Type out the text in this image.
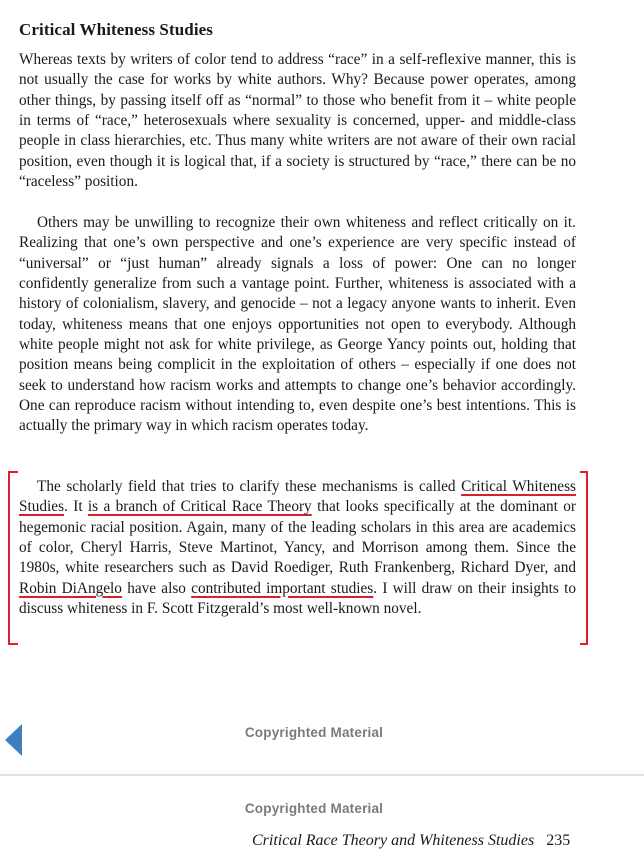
Critical Whiteness Studies

Whereas texts by writers of color tend to address “race” in a self-reflexive manner, this is not usually the case for works by white authors. Why? Because power operates, among other things, by passing itself off as “normal” to those who benefit from it – white people in terms of “race,” heterosexuals where sexuality is concerned, upper- and middle-class people in class hierarchies, etc. Thus many white writers are not aware of their own racial position, even though it is logical that, if a society is structured by “race,” there can be no “raceless” position.

Others may be unwilling to recognize their own whiteness and reflect critically on it. Realizing that one’s own perspective and one’s experience are very specific instead of “universal” or “just human” already signals a loss of power: One can no longer confidently generalize from such a vantage point. Further, whiteness is associated with a history of colonialism, slavery, and genocide – not a legacy anyone wants to inherit. Even today, whiteness means that one enjoys opportunities not open to everybody. Although white people might not ask for white privilege, as George Yancy points out, holding that position means being complicit in the exploitation of others – especially if one does not seek to understand how racism works and attempts to change one’s behavior accordingly. One can reproduce racism without intending to, even despite one’s best intentions. This is actually the primary way in which racism operates today.

The scholarly field that tries to clarify these mechanisms is called Critical Whiteness Studies. It is a branch of Critical Race Theory that looks specifically at the dominant or hegemonic racial position. Again, many of the leading scholars in this area are academics of color, Cheryl Harris, Steve Martinot, Yancy, and Morrison among them. Since the 1980s, white researchers such as David Roediger, Ruth Frankenberg, Richard Dyer, and Robin DiAngelo have also contributed important studies. I will draw on their insights to discuss whiteness in F. Scott Fitzgerald’s most well-known novel.

Copyrighted Material
Copyrighted Material
Critical Race Theory and Whiteness Studies 235
